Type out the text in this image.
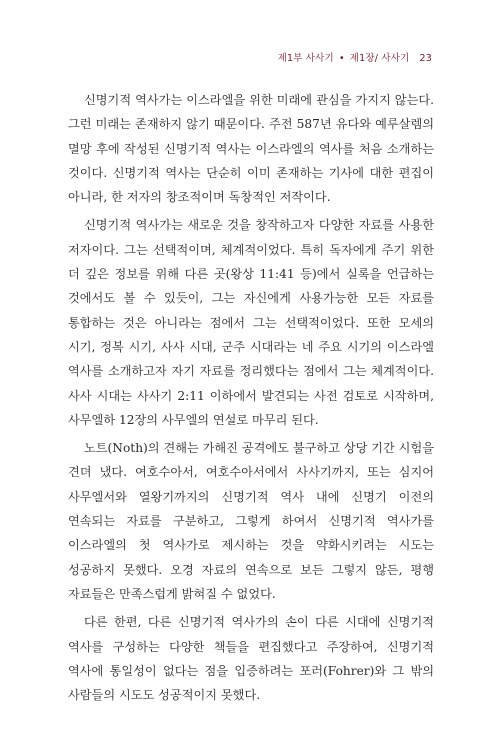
제1부 사사기 • 제1장/ 사사기 23

신명기적 역사가는 이스라엘을 위한 미래에 관심을 가지지 않는다. 그런 미래는 존재하지 않기 때문이다. 주전 587년 유다와 예루살렘의 멸망 후에 작성된 신명기적 역사는 이스라엘의 역사를 처음 소개하는 것이다. 신명기적 역사는 단순히 이미 존재하는 기사에 대한 편집이 아니라, 한 저자의 창조적이며 독창적인 저작이다.

신명기적 역사가는 새로운 것을 창작하고자 다양한 자료를 사용한 저자이다. 그는 선택적이며, 체계적이었다. 특히 독자에게 주기 위한 더 깊은 정보를 위해 다른 곳(왕상 11:41 등)에서 실록을 언급하는 것에서도 볼 수 있듯이, 그는 자신에게 사용가능한 모든 자료를 통합하는 것은 아니라는 점에서 그는 선택적이었다. 또한 모세의 시기, 정복 시기, 사사 시대, 군주 시대라는 네 주요 시기의 이스라엘 역사를 소개하고자 자기 자료를 정리했다는 점에서 그는 체계적이다. 사사 시대는 사사기 2:11 이하에서 발견되는 사전 검토로 시작하며, 사무엘하 12장의 사무엘의 연설로 마무리 된다.

노트(Noth)의 견해는 가해진 공격에도 불구하고 상당 기간 시험을 견뎌 냈다. 여호수아서, 여호수아서에서 사사기까지, 또는 심지어 사무엘서와 열왕기까지의 신명기적 역사 내에 신명기 이전의 연속되는 자료를 구분하고, 그렇게 하여서 신명기적 역사가를 이스라엘의 첫 역사가로 제시하는 것을 약화시키려는 시도는 성공하지 못했다. 오경 자료의 연속으로 보든 그렇지 않든, 평행 자료들은 만족스럽게 밝혀질 수 없었다.

다른 한편, 다른 신명기적 역사가의 손이 다른 시대에 신명기적 역사를 구성하는 다양한 책들을 편집했다고 주장하여, 신명기적 역사에 통일성이 없다는 점을 입증하려는 포러(Fohrer)와 그 밖의 사람들의 시도도 성공적이지 못했다.
